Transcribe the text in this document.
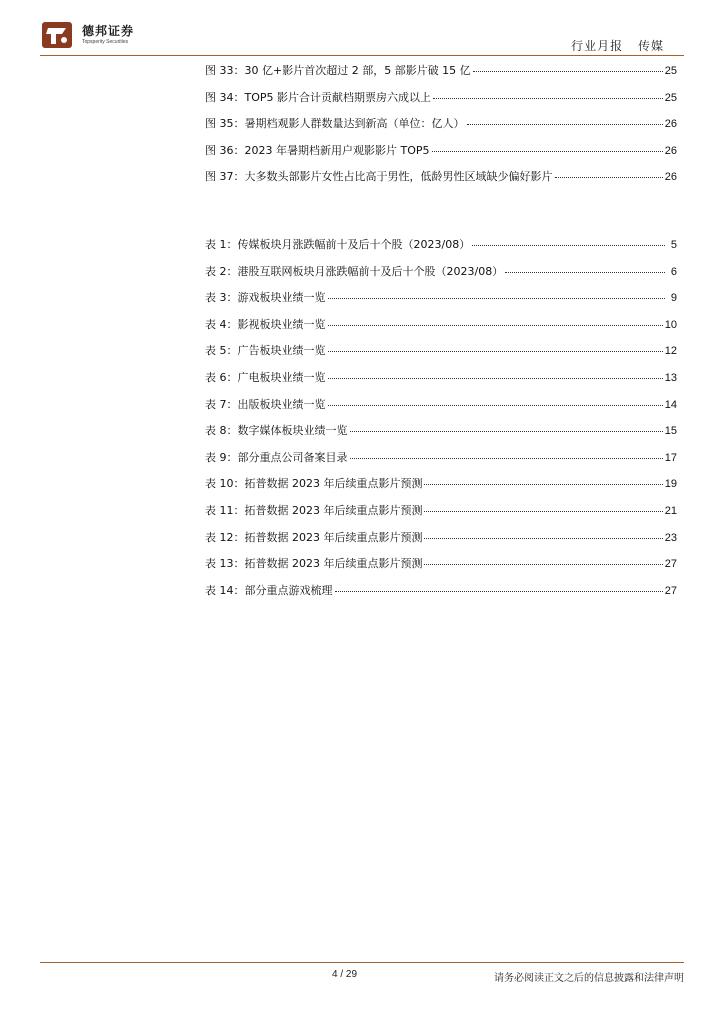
德邦证券
Topsperity Securities	行业月报 传媒
图 33：30 亿+影片首次超过 2 部，5 部影片破 15 亿	25
图 34：TOP5 影片合计贡献档期票房六成以上	25
图 35：暑期档观影人群数量达到新高（单位：亿人）	26
图 36：2023 年暑期档新用户观影影片 TOP5	26
图 37：大多数头部影片女性占比高于男性，低龄男性区域缺少偏好影片	26
表 1：传媒板块月涨跌幅前十及后十个股（2023/08）	5
表 2：港股互联网板块月涨跌幅前十及后十个股（2023/08）	6
表 3：游戏板块业绩一览	9
表 4：影视板块业绩一览	10
表 5：广告板块业绩一览	12
表 6：广电板块业绩一览	13
表 7：出版板块业绩一览	14
表 8：数字媒体板块业绩一览	15
表 9：部分重点公司备案目录	17
表 10：拓普数据 2023 年后续重点影片预测	19
表 11：拓普数据 2023 年后续重点影片预测	21
表 12：拓普数据 2023 年后续重点影片预测	23
表 13：拓普数据 2023 年后续重点影片预测	27
表 14：部分重点游戏梳理	27
4 / 29	请务必阅读正文之后的信息披露和法律声明
